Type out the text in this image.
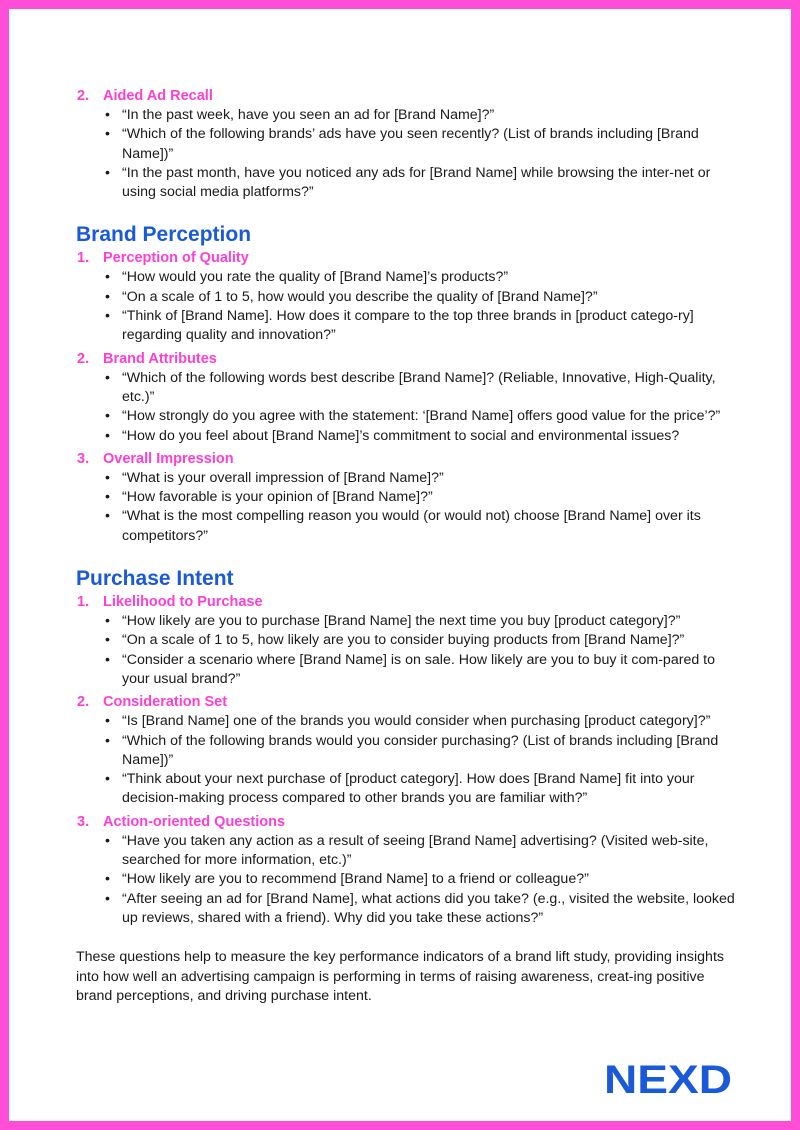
2. Aided Ad Recall

• “In the past week, have you seen an ad for [Brand Name]?”
• “Which of the following brands’ ads have you seen recently? (List of brands including [Brand Name])”
• “In the past month, have you noticed any ads for [Brand Name] while browsing the inter-net or using social media platforms?”
Brand Perception

1. Perception of Quality

• “How would you rate the quality of [Brand Name]’s products?”
• “On a scale of 1 to 5, how would you describe the quality of [Brand Name]?”
• “Think of [Brand Name]. How does it compare to the top three brands in [product catego-ry] regarding quality and innovation?”

2. Brand Attributes

• “Which of the following words best describe [Brand Name]? (Reliable, Innovative, High-Quality, etc.)”
• “How strongly do you agree with the statement: ‘[Brand Name] offers good value for the price’?”
• “How do you feel about [Brand Name]’s commitment to social and environmental issues?

3. Overall Impression

• “What is your overall impression of [Brand Name]?”
• “How favorable is your opinion of [Brand Name]?”
• “What is the most compelling reason you would (or would not) choose [Brand Name] over its competitors?”
Purchase Intent

1. Likelihood to Purchase

• “How likely are you to purchase [Brand Name] the next time you buy [product category]?”
• “On a scale of 1 to 5, how likely are you to consider buying products from [Brand Name]?”
• “Consider a scenario where [Brand Name] is on sale. How likely are you to buy it com-pared to your usual brand?”

2. Consideration Set

• “Is [Brand Name] one of the brands you would consider when purchasing [product category]?”
• “Which of the following brands would you consider purchasing? (List of brands including [Brand Name])”
• “Think about your next purchase of [product category]. How does [Brand Name] fit into your decision-making process compared to other brands you are familiar with?”

3. Action-oriented Questions

• “Have you taken any action as a result of seeing [Brand Name] advertising? (Visited web-site, searched for more information, etc.)”
• “How likely are you to recommend [Brand Name] to a friend or colleague?”
• “After seeing an ad for [Brand Name], what actions did you take? (e.g., visited the website, looked up reviews, shared with a friend). Why did you take these actions?”

These questions help to measure the key performance indicators of a brand lift study, providing insights into how well an advertising campaign is performing in terms of raising awareness, creat-ing positive brand perceptions, and driving purchase intent.

NEXD
